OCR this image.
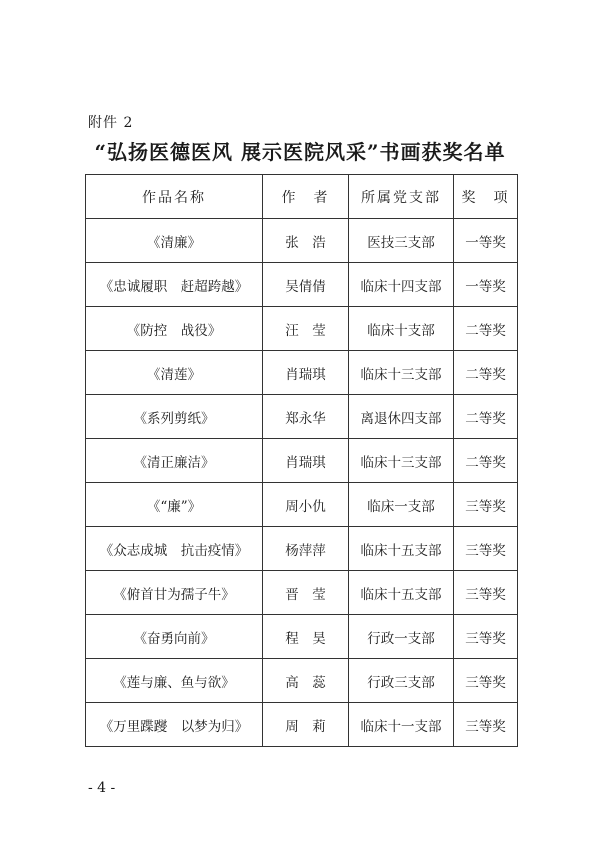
附件 2
“弘扬医德医风 展示医院风采”书画获奖名单
作品名称	作　者	所属党支部	奖　项
《清廉》	张　浩	医技三支部	一等奖
《忠诚履职　赶超跨越》	吴倩倩	临床十四支部	一等奖
《防控　战役》	汪　莹	临床十支部	二等奖
《清莲》	肖瑞琪	临床十三支部	二等奖
《系列剪纸》	郑永华	离退休四支部	二等奖
《清正廉洁》	肖瑞琪	临床十三支部	二等奖
《“廉”》	周小仇	临床一支部	三等奖
《众志成城　抗击疫情》	杨萍萍	临床十五支部	三等奖
《俯首甘为孺子牛》	晋　莹	临床十五支部	三等奖
《奋勇向前》	程　昊	行政一支部	三等奖
《莲与廉、鱼与欲》	高　蕊	行政三支部	三等奖
《万里蹀躞　以梦为归》	周　莉	临床十一支部	三等奖
- 4 -
